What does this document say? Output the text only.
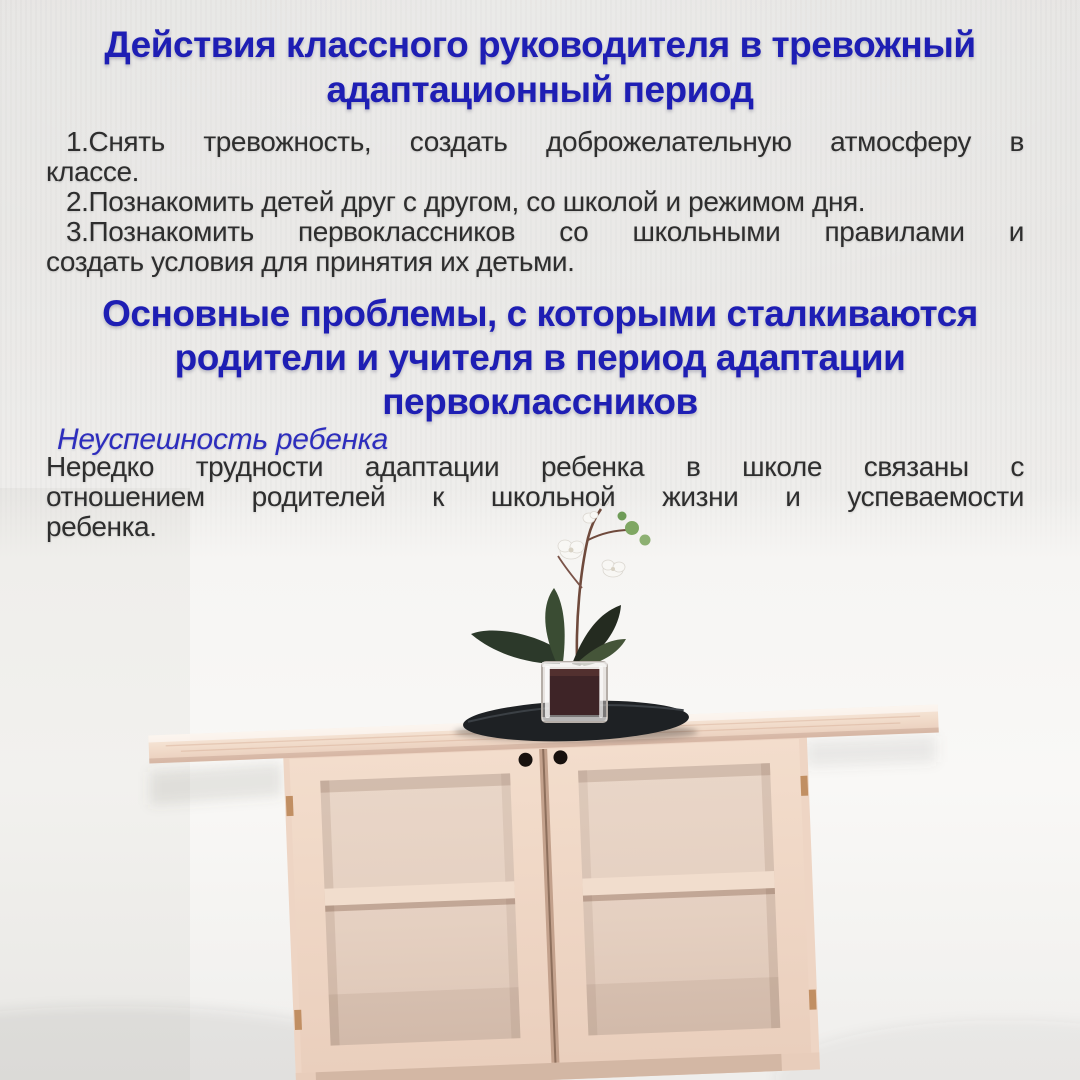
Действия классного руководителя в тревожный
адаптационный период
1.Снять тревожность, создать доброжелательную атмосферу в
классе.
2.Познакомить детей друг с другом, со школой и режимом дня.
3.Познакомить первоклассников со школьными правилами и
создать условия для принятия их детьми.
Основные проблемы, с которыми сталкиваются
родители и учителя в период адаптации
первоклассников
Неуспешность ребенка
Нередко трудности адаптации ребенка в школе связаны с
отношением родителей к школьной жизни и успеваемости
ребенка.
